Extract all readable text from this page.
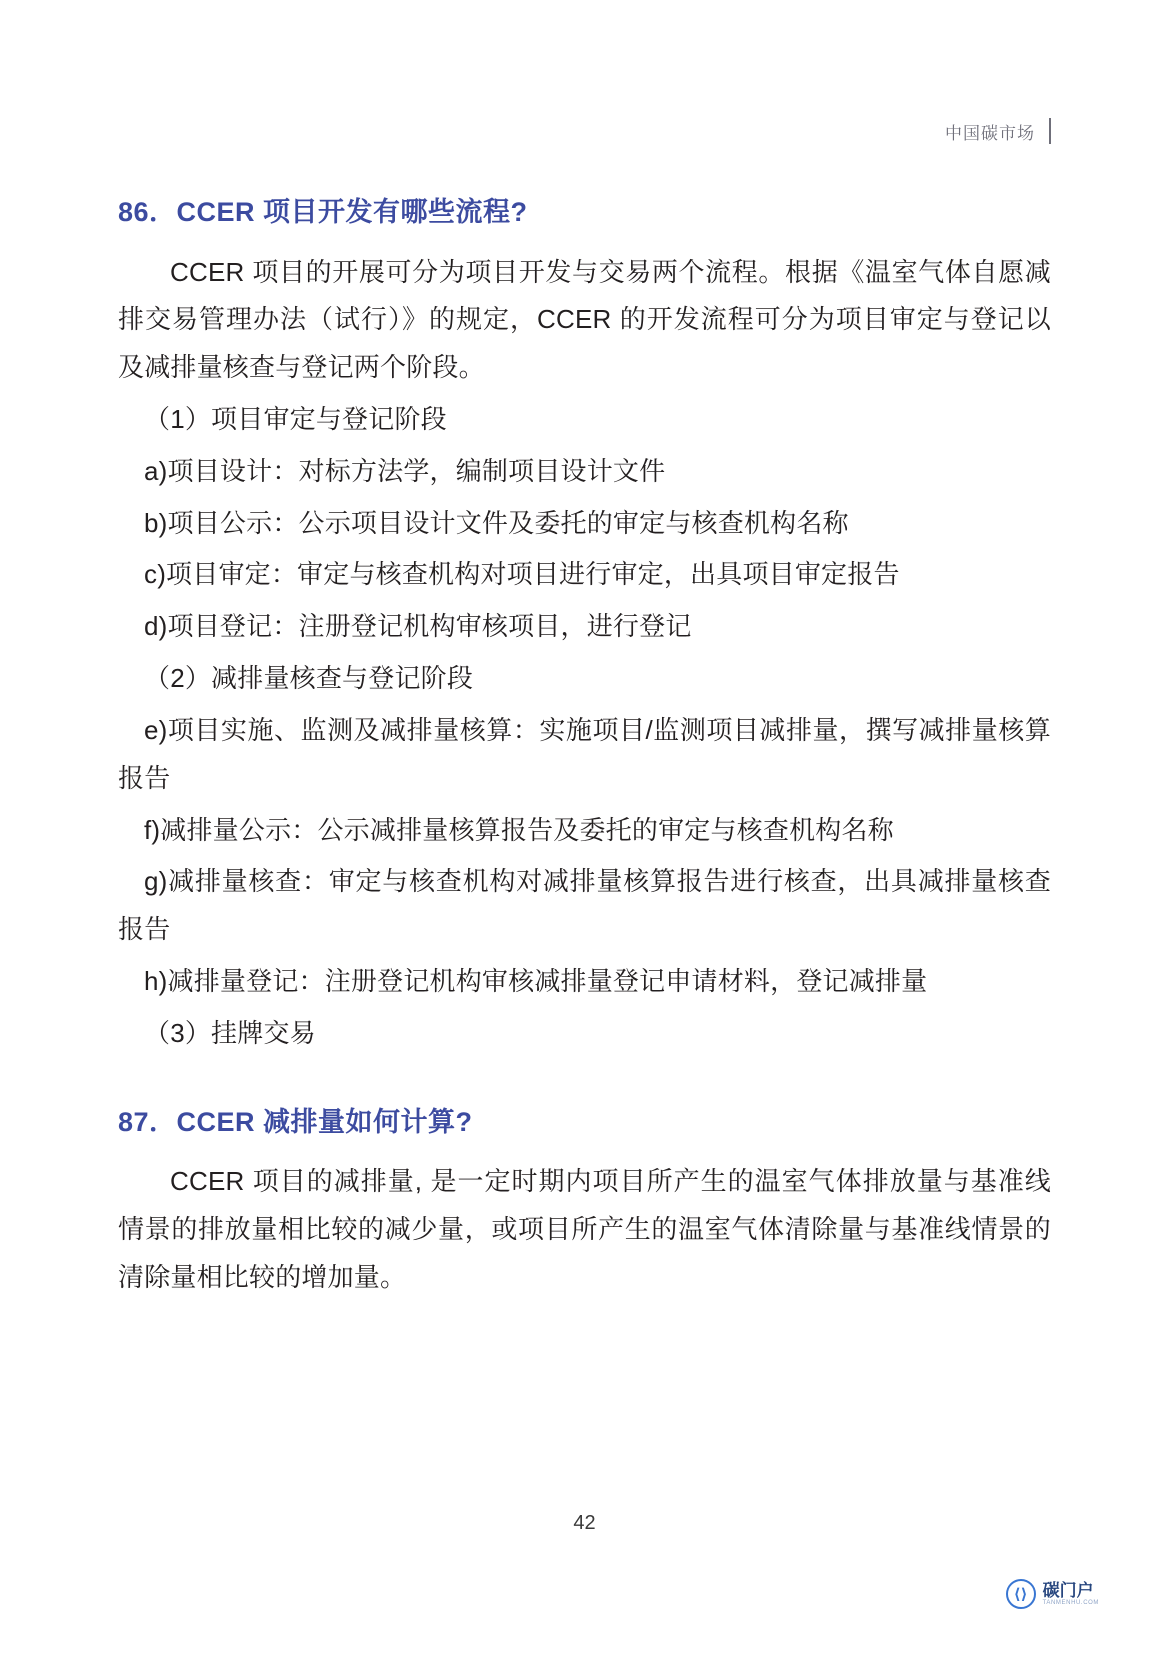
中国碳市场
86．CCER 项目开发有哪些流程?

CCER 项目的开展可分为项目开发与交易两个流程。根据《温室气体自愿减排交易管理办法（试行）》的规定，CCER 的开发流程可分为项目审定与登记以及减排量核查与登记两个阶段。

（1）项目审定与登记阶段

a)项目设计：对标方法学，编制项目设计文件

b)项目公示：公示项目设计文件及委托的审定与核查机构名称

c)项目审定：审定与核查机构对项目进行审定，出具项目审定报告

d)项目登记：注册登记机构审核项目，进行登记

（2）减排量核查与登记阶段

e)项目实施、监测及减排量核算：实施项目/监测项目减排量，撰写减排量核算报告

f)减排量公示：公示减排量核算报告及委托的审定与核查机构名称

g)减排量核查：审定与核查机构对减排量核算报告进行核查，出具减排量核查报告

h)减排量登记：注册登记机构审核减排量登记申请材料，登记减排量

（3）挂牌交易

87．CCER 减排量如何计算?

CCER 项目的减排量, 是一定时期内项目所产生的温室气体排放量与基准线情景的排放量相比较的减少量，或项目所产生的温室气体清除量与基准线情景的清除量相比较的增加量。

42
⟨⟩ 碳门户
TANMENHU.COM
